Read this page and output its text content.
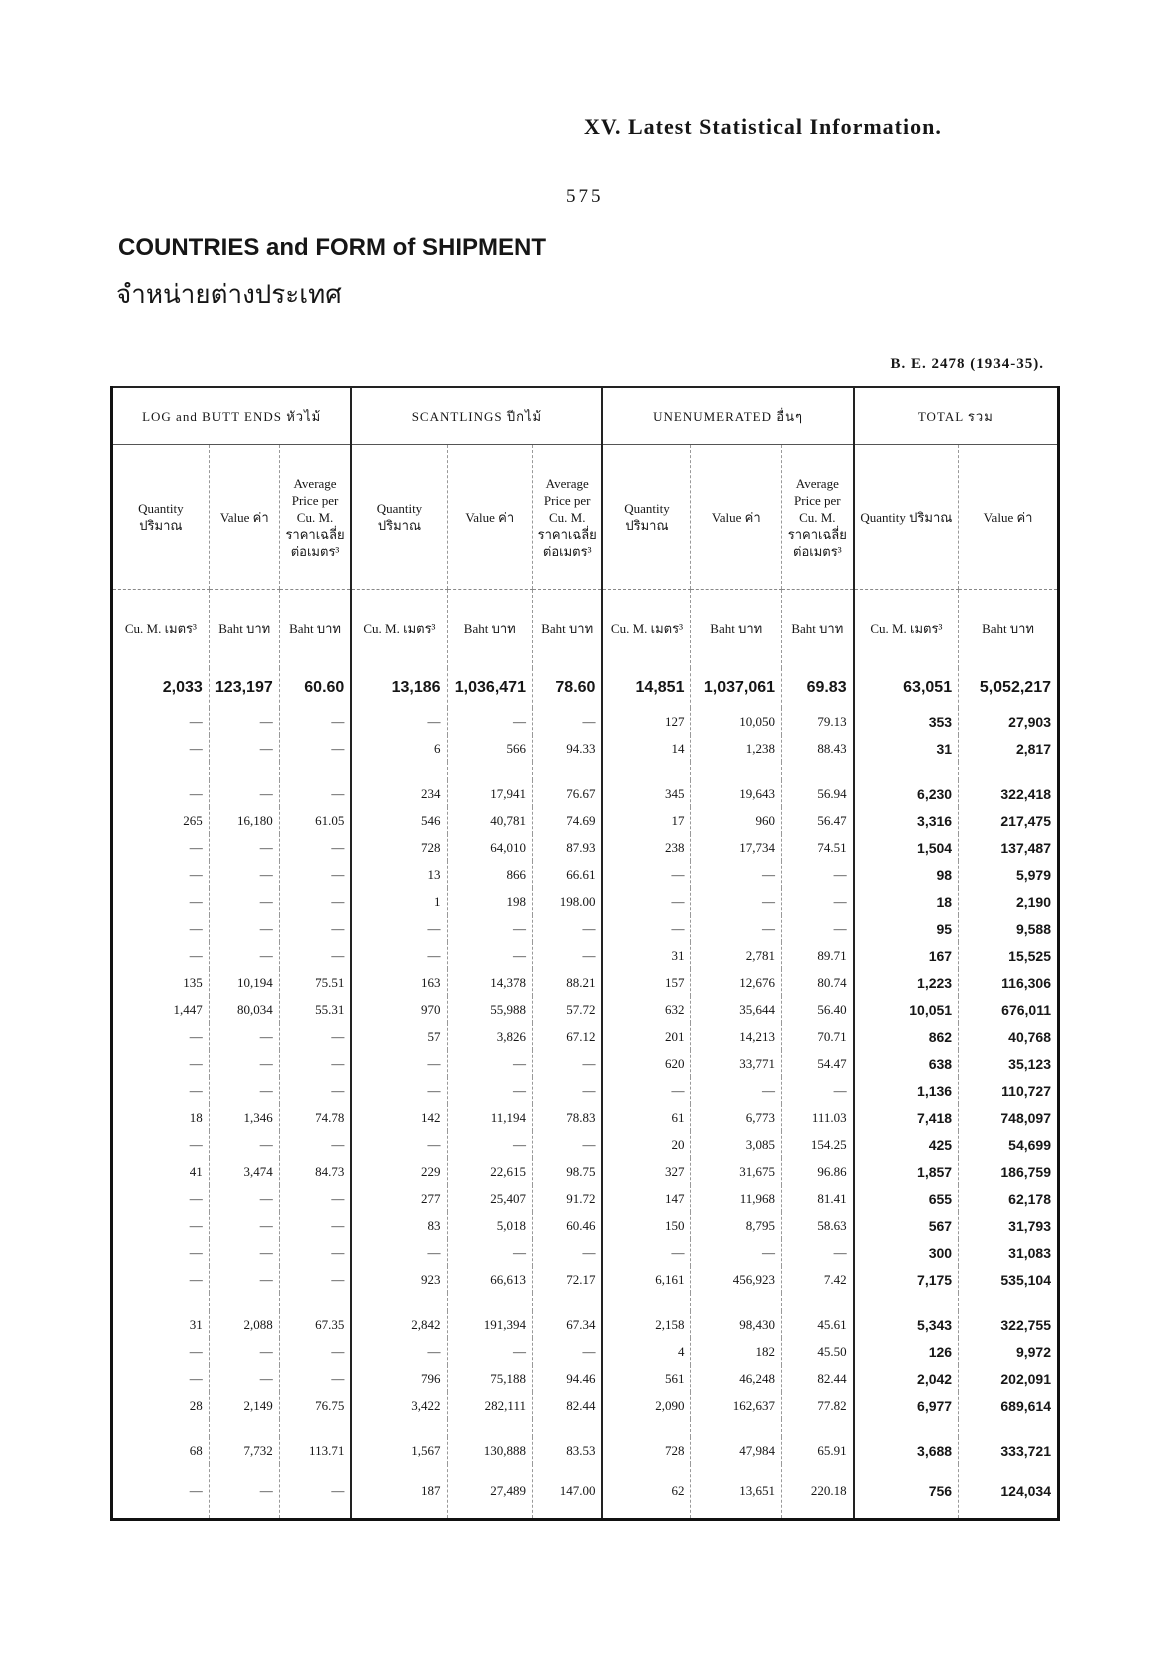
XV. Latest Statistical Information.
575
COUNTRIES and FORM of SHIPMENT
จำหน่ายต่างประเทศ
B. E. 2478 (1934-35).
LOG and BUTT ENDS หัวไม้			SCANTLINGS ปีกไม้			UNENUMERATED อื่นๆ			TOTAL รวม	
Quantity ปริมาณ	Value ค่า	Average Price per Cu. M. ราคาเฉลี่ยต่อเมตร³	Quantity ปริมาณ	Value ค่า	Average Price per Cu. M. ราคาเฉลี่ยต่อเมตร³	Quantity ปริมาณ	Value ค่า	Average Price per Cu. M. ราคาเฉลี่ยต่อเมตร³	Quantity ปริมาณ	Value ค่า
Cu. M. เมตร³	Baht บาท	Baht บาท	Cu. M. เมตร³	Baht บาท	Baht บาท	Cu. M. เมตร³	Baht บาท	Baht บาท	Cu. M. เมตร³	Baht บาท
2,033	123,197	60.60	13,186	1,036,471	78.60	14,851	1,037,061	69.83	63,051	5,052,217
—	—	—	—	—	—	127	10,050	79.13	353	27,903
—	—	—	6	566	94.33	14	1,238	88.43	31	2,817

—	—	—	234	17,941	76.67	345	19,643	56.94	6,230	322,418
265	16,180	61.05	546	40,781	74.69	17	960	56.47	3,316	217,475
—	—	—	728	64,010	87.93	238	17,734	74.51	1,504	137,487
—	—	—	13	866	66.61	—	—	—	98	5,979
—	—	—	1	198	198.00	—	—	—	18	2,190
—	—	—	—	—	—	—	—	—	95	9,588
—	—	—	—	—	—	31	2,781	89.71	167	15,525
135	10,194	75.51	163	14,378	88.21	157	12,676	80.74	1,223	116,306
1,447	80,034	55.31	970	55,988	57.72	632	35,644	56.40	10,051	676,011
—	—	—	57	3,826	67.12	201	14,213	70.71	862	40,768
—	—	—	—	—	—	620	33,771	54.47	638	35,123
—	—	—	—	—	—	—	—	—	1,136	110,727
18	1,346	74.78	142	11,194	78.83	61	6,773	111.03	7,418	748,097
—	—	—	—	—	—	20	3,085	154.25	425	54,699
41	3,474	84.73	229	22,615	98.75	327	31,675	96.86	1,857	186,759
—	—	—	277	25,407	91.72	147	11,968	81.41	655	62,178
—	—	—	83	5,018	60.46	150	8,795	58.63	567	31,793
—	—	—	—	—	—	—	—	—	300	31,083
—	—	—	923	66,613	72.17	6,161	456,923	7.42	7,175	535,104

31	2,088	67.35	2,842	191,394	67.34	2,158	98,430	45.61	5,343	322,755
—	—	—	—	—	—	4	182	45.50	126	9,972
—	—	—	796	75,188	94.46	561	46,248	82.44	2,042	202,091
28	2,149	76.75	3,422	282,111	82.44	2,090	162,637	77.82	6,977	689,614

68	7,732	113.71	1,567	130,888	83.53	728	47,984	65.91	3,688	333,721
—	—	—	187	27,489	147.00	62	13,651	220.18	756	124,034
